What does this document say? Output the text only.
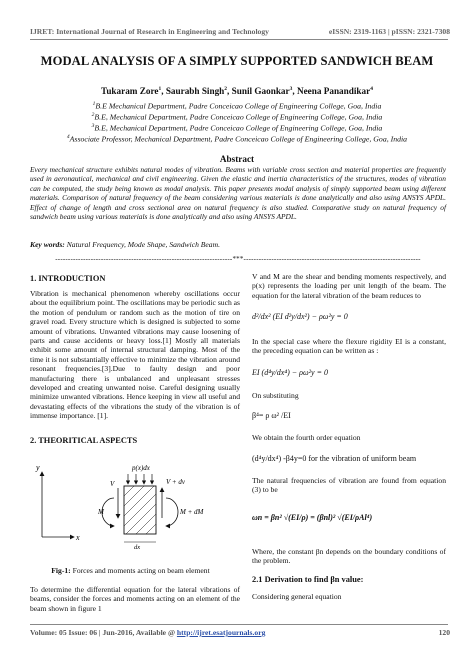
IJRET: International Journal of Research in Engineering and Technology	eISSN: 2319-1163 | pISSN: 2321-7308
MODAL ANALYSIS OF A SIMPLY SUPPORTED SANDWICH BEAM
Tukaram Zore$^1$, Saurabh Singh$^2$, Sunil Gaonkar$^3$, Neena Panandikar$^4$
$^1$B.E Mechanical Department, Padre Conceicao College of Engineering College, Goa, India
$^2$B.E, Mechanical Department, Padre Conceicao College of Engineering College, Goa, India
$^3$B.E, Mechanical Department, Padre Conceicao College of Engineering College, Goa, India
$^4$Associate Professor, Mechanical Department, Padre Conceicao College of Engineering College, Goa, India
Abstract
Every mechanical structure exhibits natural modes of vibration. Beams with variable cross section and material properties are frequently used in aeronautical, mechanical and civil engineering. Given the elastic and inertia characteristics of the structures, modes of vibration can be computed, the study being known as modal analysis. This paper presents modal analysis of simply supported beam using different materials. Comparison of natural frequency of the beam considering various materials is done analytically and also using ANSYS APDL. Effect of change of length and cross sectional area on natural frequency is also studied. Comparative study on natural frequency of sandwich beam using various materials is done analytically and also using ANSYS APDL.
Key words: Natural Frequency, Mode Shape, Sandwich Beam.
----------------------------------------------------------------------***----------------------------------------------------------------------
1. INTRODUCTION
Vibration is mechanical phenomenon whereby oscillations occur about the equilibrium point. The oscillations may be periodic such as the motion of pendulum or random such as the motion of tire on gravel road. Every structure which is designed is subjected to some amount of vibrations. Unwanted vibrations may cause loosening of parts and cause accidents or heavy loss.[1] Mostly all materials exhibit some amount of internal structural damping. Most of the time it is not substantially effective to minimize the vibration around resonant frequencies.[3].Due to faulty design and poor manufacturing there is unbalanced and unpleasant stresses developed and creating unwanted noise. Careful designing usually minimize unwanted vibrations. Hence keeping in view all useful and devastating effects of the vibrations the study of the vibration is of immense importance. [1].
2. THEORITICAL ASPECTS
y
x
p(x)dx
V	V + dv
M	M + dM
dx
Fig-1: Forces and moments acting on beam element
To determine the differential equation for the lateral vibrations of beams, consider the forces and moments acting on an element of the beam shown in figure 1
V and M are the shear and bending moments respectively, and p(x) represents the loading per unit length of the beam. The equation for the lateral vibration of the beam reduces to
d²/dx² (EI d²y/dx²) − ρω²y = 0
In the special case where the flexure rigidity EI is a constant, the preceding equation can be written as :
EI (d⁴y/dx⁴) − ρω²y = 0
On substituting
β⁴= ρ ω² /EI
We obtain the fourth order equation
(d⁴y/dx⁴) -β4y=0 for the vibration of uniform beam
The natural frequencies of vibration are found from equation (3) to be
ωn = βn² √(EI/ρ) = (βnl)² √(EI/ρAl⁴)
Where, the constant βn depends on the boundary conditions of the problem.
2.1 Derivation to find βn value:
Considering general equation
Volume: 05 Issue: 06 | Jun-2016, Available @ http://ijret.esatjournals.org	120
